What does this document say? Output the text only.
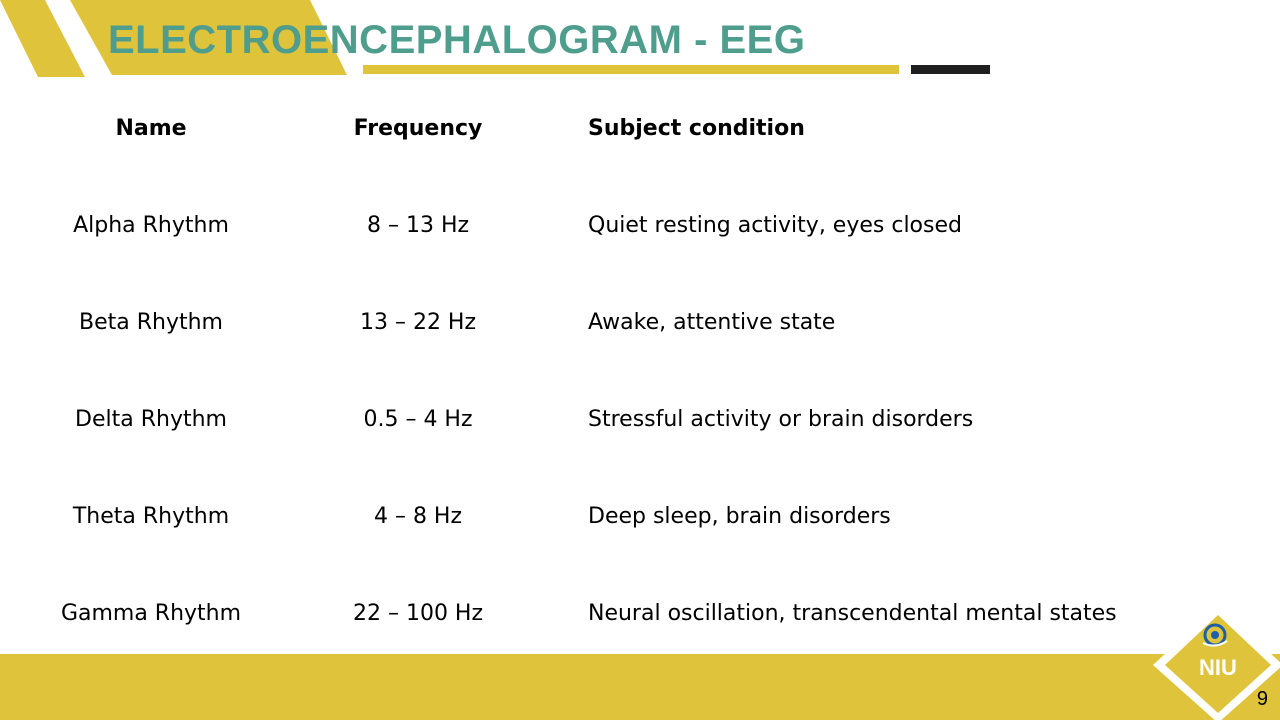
ELECTROENCEPHALOGRAM - EEG
Name	Frequency	Subject condition
Alpha Rhythm	8 – 13 Hz	Quiet resting activity, eyes closed
Beta Rhythm	13 – 22 Hz	Awake, attentive state
Delta Rhythm	0.5 – 4 Hz	Stressful activity or brain disorders
Theta Rhythm	4 – 8 Hz	Deep sleep, brain disorders
Gamma Rhythm	22 – 100 Hz	Neural oscillation, transcendental mental states
NIU
9
